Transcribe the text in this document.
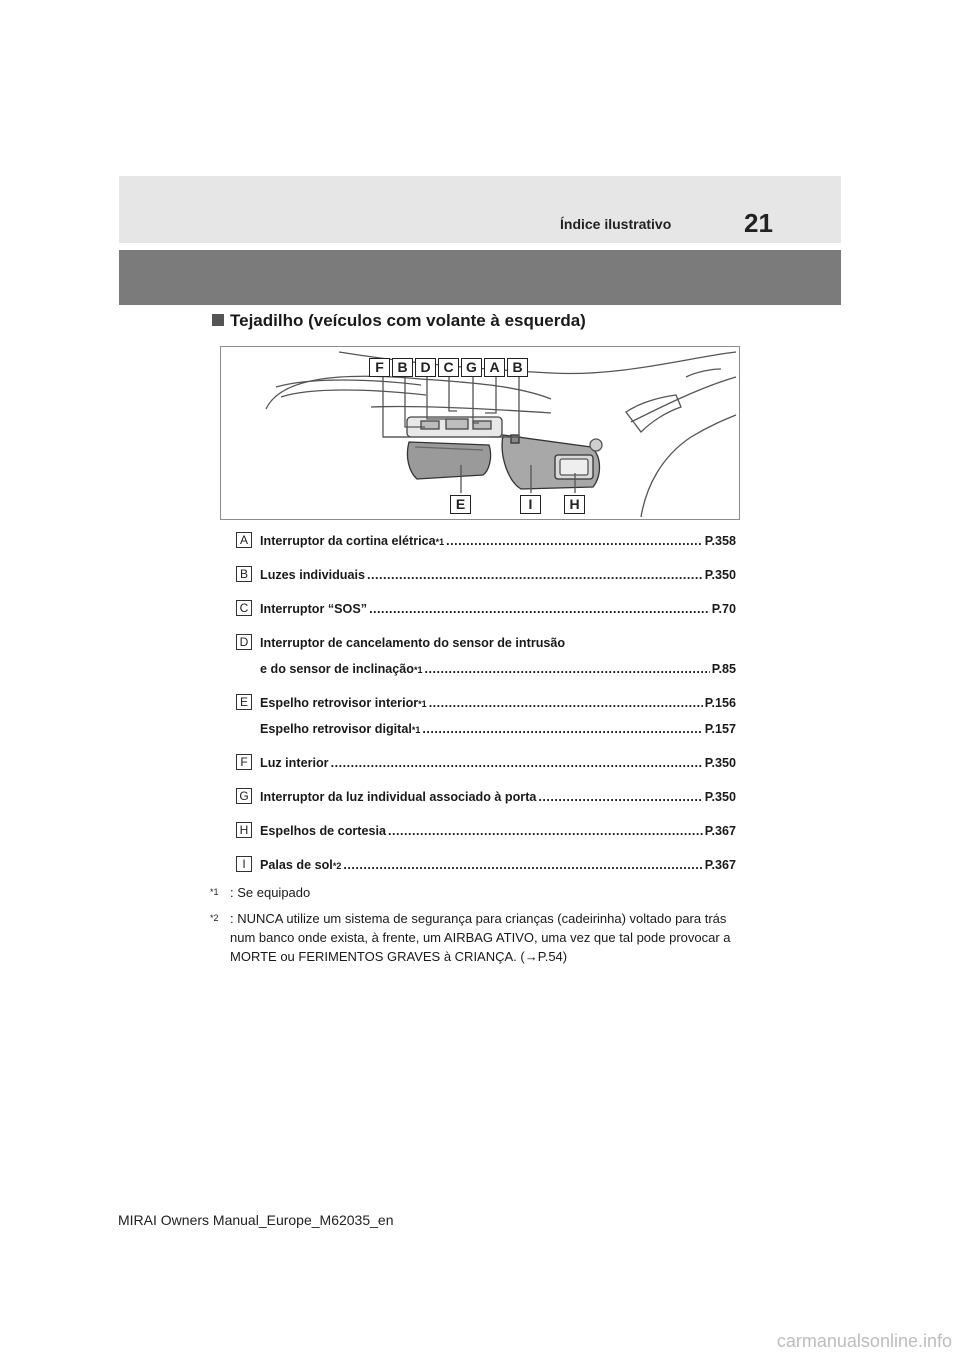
Índice ilustrativo	21
Tejadilho (veículos com volante à esquerda)
F B D C G A B
E	I	H
A Interruptor da cortina elétrica *1 .....	P.358
B Luzes individuais .....	P.350
C Interruptor “SOS” .....	P.70
D Interruptor de cancelamento do sensor de intrusão
e do sensor de inclinação *1 .....	P.85
E Espelho retrovisor interior *1 .....	P.156
Espelho retrovisor digital *1 .....	P.157
F Luz interior .....	P.350
G Interruptor da luz individual associado à porta .....	P.350
H Espelhos de cortesia .....	P.367
I	Palas de sol *2 .....	P.367
$^{*1}$ : Se equipado
$^{*2}$ : NUNCA utilize um sistema de segurança para crianças (cadeirinha) voltado para trás num banco onde exista, à frente, um AIRBAG ATIVO, uma vez que tal pode provocar a MORTE ou FERIMENTOS GRAVES à CRIANÇA. (→P.54)
MIRAI Owners Manual_Europe_M62035_en
carmanualsonline.info
